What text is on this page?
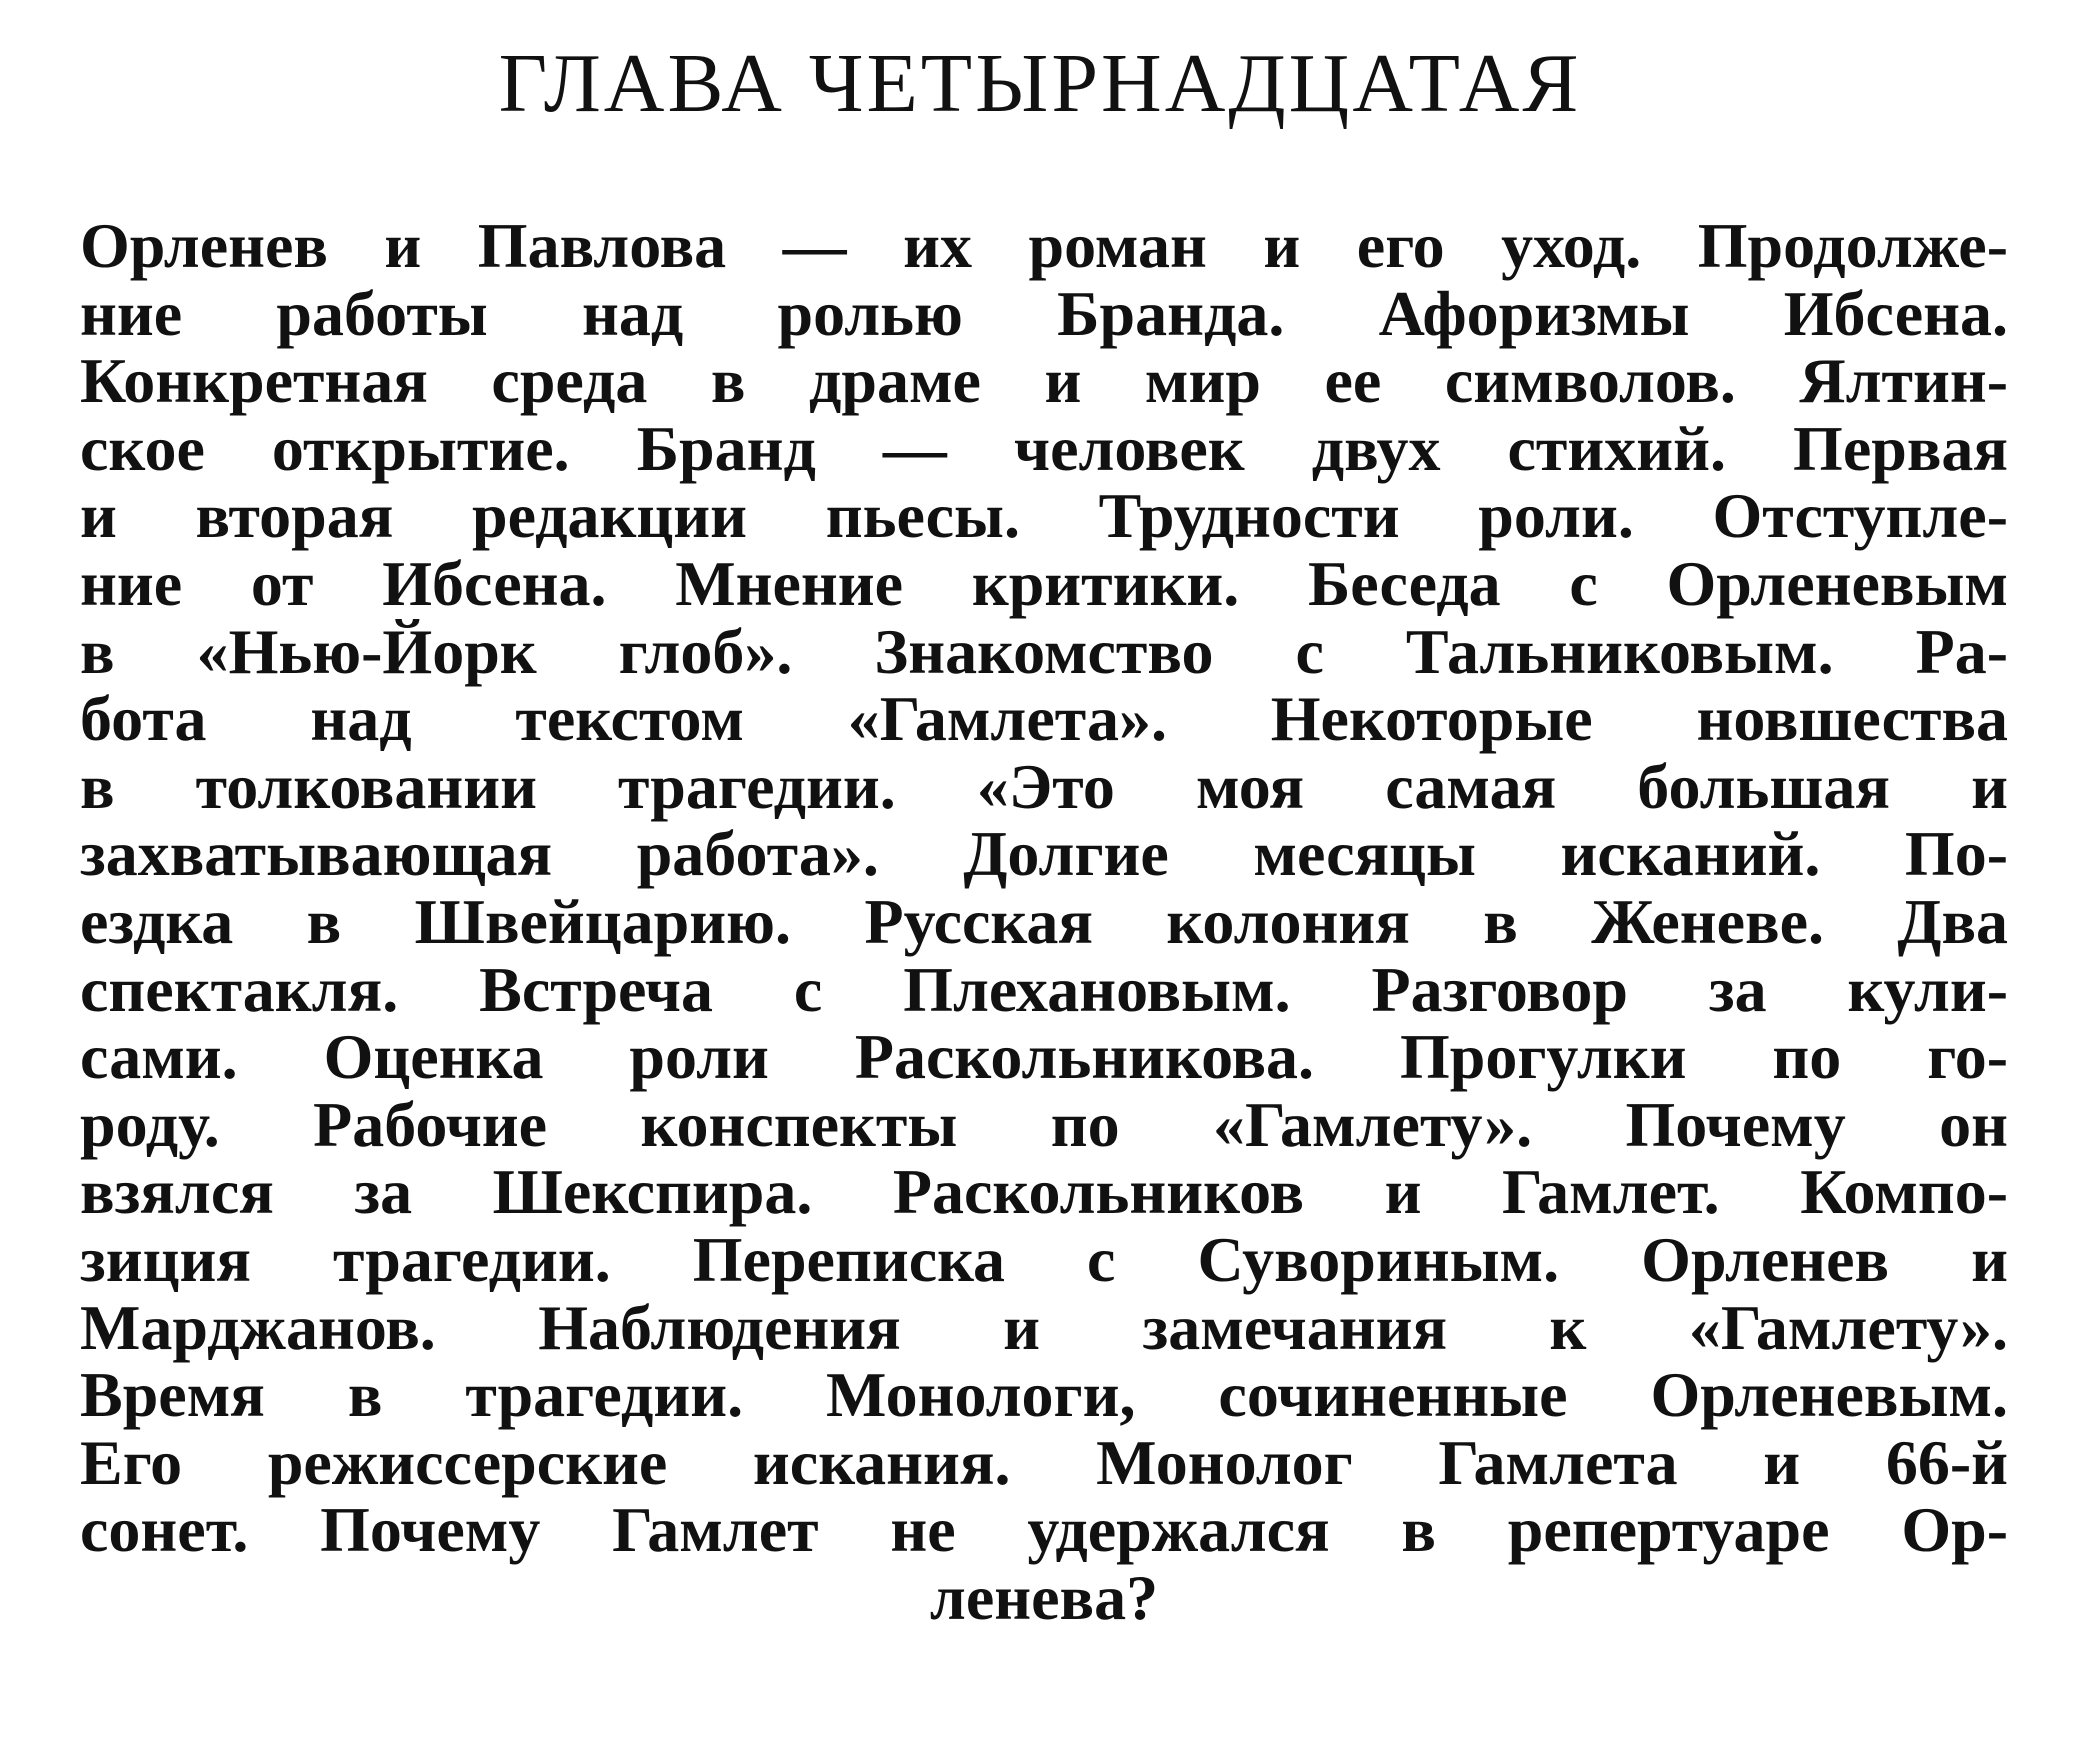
ГЛАВА ЧЕТЫРНАДЦАТАЯ
Орленев и Павлова — их роман и его уход. Продолже-
ние работы над ролью Бранда. Афоризмы Ибсена.
Конкретная среда в драме и мир ее символов. Ялтин-
ское открытие. Бранд — человек двух стихий. Первая
и вторая редакции пьесы. Трудности роли. Отступле-
ние от Ибсена. Мнение критики. Беседа с Орленевым
в «Нью-Йорк глоб». Знакомство с Тальниковым. Ра-
бота над текстом «Гамлета». Некоторые новшества
в толковании трагедии. «Это моя самая большая и
захватывающая работа». Долгие месяцы исканий. По-
ездка в Швейцарию. Русская колония в Женеве. Два
спектакля. Встреча с Плехановым. Разговор за кули-
сами. Оценка роли Раскольникова. Прогулки по го-
роду. Рабочие конспекты по «Гамлету». Почему он
взялся за Шекспира. Раскольников и Гамлет. Компо-
зиция трагедии. Переписка с Сувориным. Орленев и
Марджанов. Наблюдения и замечания к «Гамлету».
Время в трагедии. Монологи, сочиненные Орленевым.
Его режиссерские искания. Монолог Гамлета и 66-й
сонет. Почему Гамлет не удержался в репертуаре Ор-
ленева?
